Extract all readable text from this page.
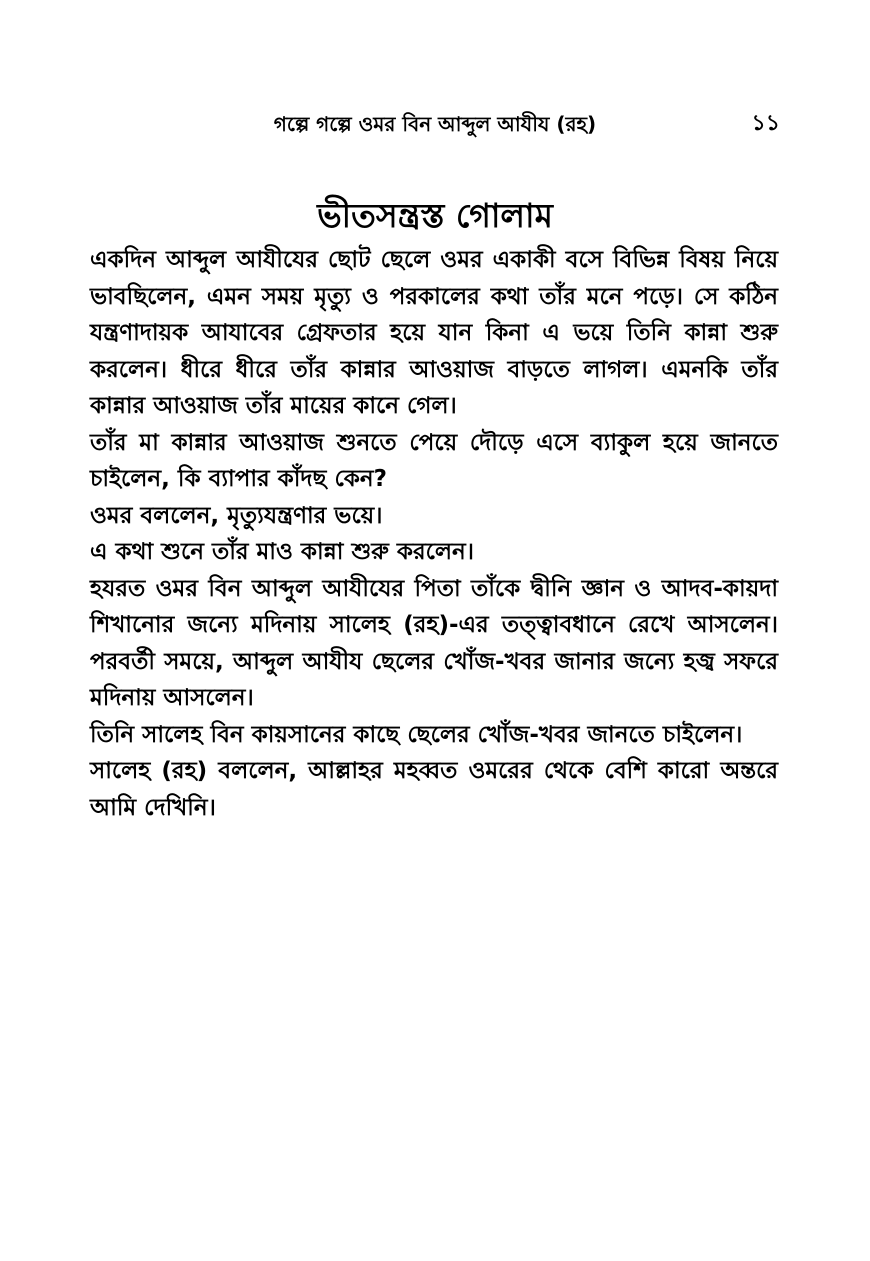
গল্পে গল্পে ওমর বিন আব্দুল আযীয (রহ)	১১
ভীতসন্ত্রস্ত গোলাম

একদিন আব্দুল আযীযের ছোট ছেলে ওমর একাকী বসে বিভিন্ন বিষয় নিয়ে ভাবছিলেন, এমন সময় মৃত্যু ও পরকালের কথা তাঁর মনে পড়ে। সে কঠিন যন্ত্রণাদায়ক আযাবের গ্রেফতার হয়ে যান কিনা এ ভয়ে তিনি কান্না শুরু করলেন। ধীরে ধীরে তাঁর কান্নার আওয়াজ বাড়তে লাগল। এমনকি তাঁর কান্নার আওয়াজ তাঁর মায়ের কানে গেল।

তাঁর মা কান্নার আওয়াজ শুনতে পেয়ে দৌড়ে এসে ব্যাকুল হয়ে জানতে চাইলেন, কি ব্যাপার কাঁদছ কেন?

ওমর বললেন, মৃত্যুযন্ত্রণার ভয়ে।

এ কথা শুনে তাঁর মাও কান্না শুরু করলেন।

হযরত ওমর বিন আব্দুল আযীযের পিতা তাঁকে দ্বীনি জ্ঞান ও আদব-কায়দা শিখানোর জন্যে মদিনায় সালেহ (রহ)-এর তত্ত্বাবধানে রেখে আসলেন। পরবর্তী সময়ে, আব্দুল আযীয ছেলের খোঁজ-খবর জানার জন্যে হজ্ব সফরে মদিনায় আসলেন।

তিনি সালেহ বিন কায়সানের কাছে ছেলের খোঁজ-খবর জানতে চাইলেন।

সালেহ (রহ) বললেন, আল্লাহর মহব্বত ওমরের থেকে বেশি কারো অন্তরে আমি দেখিনি।
